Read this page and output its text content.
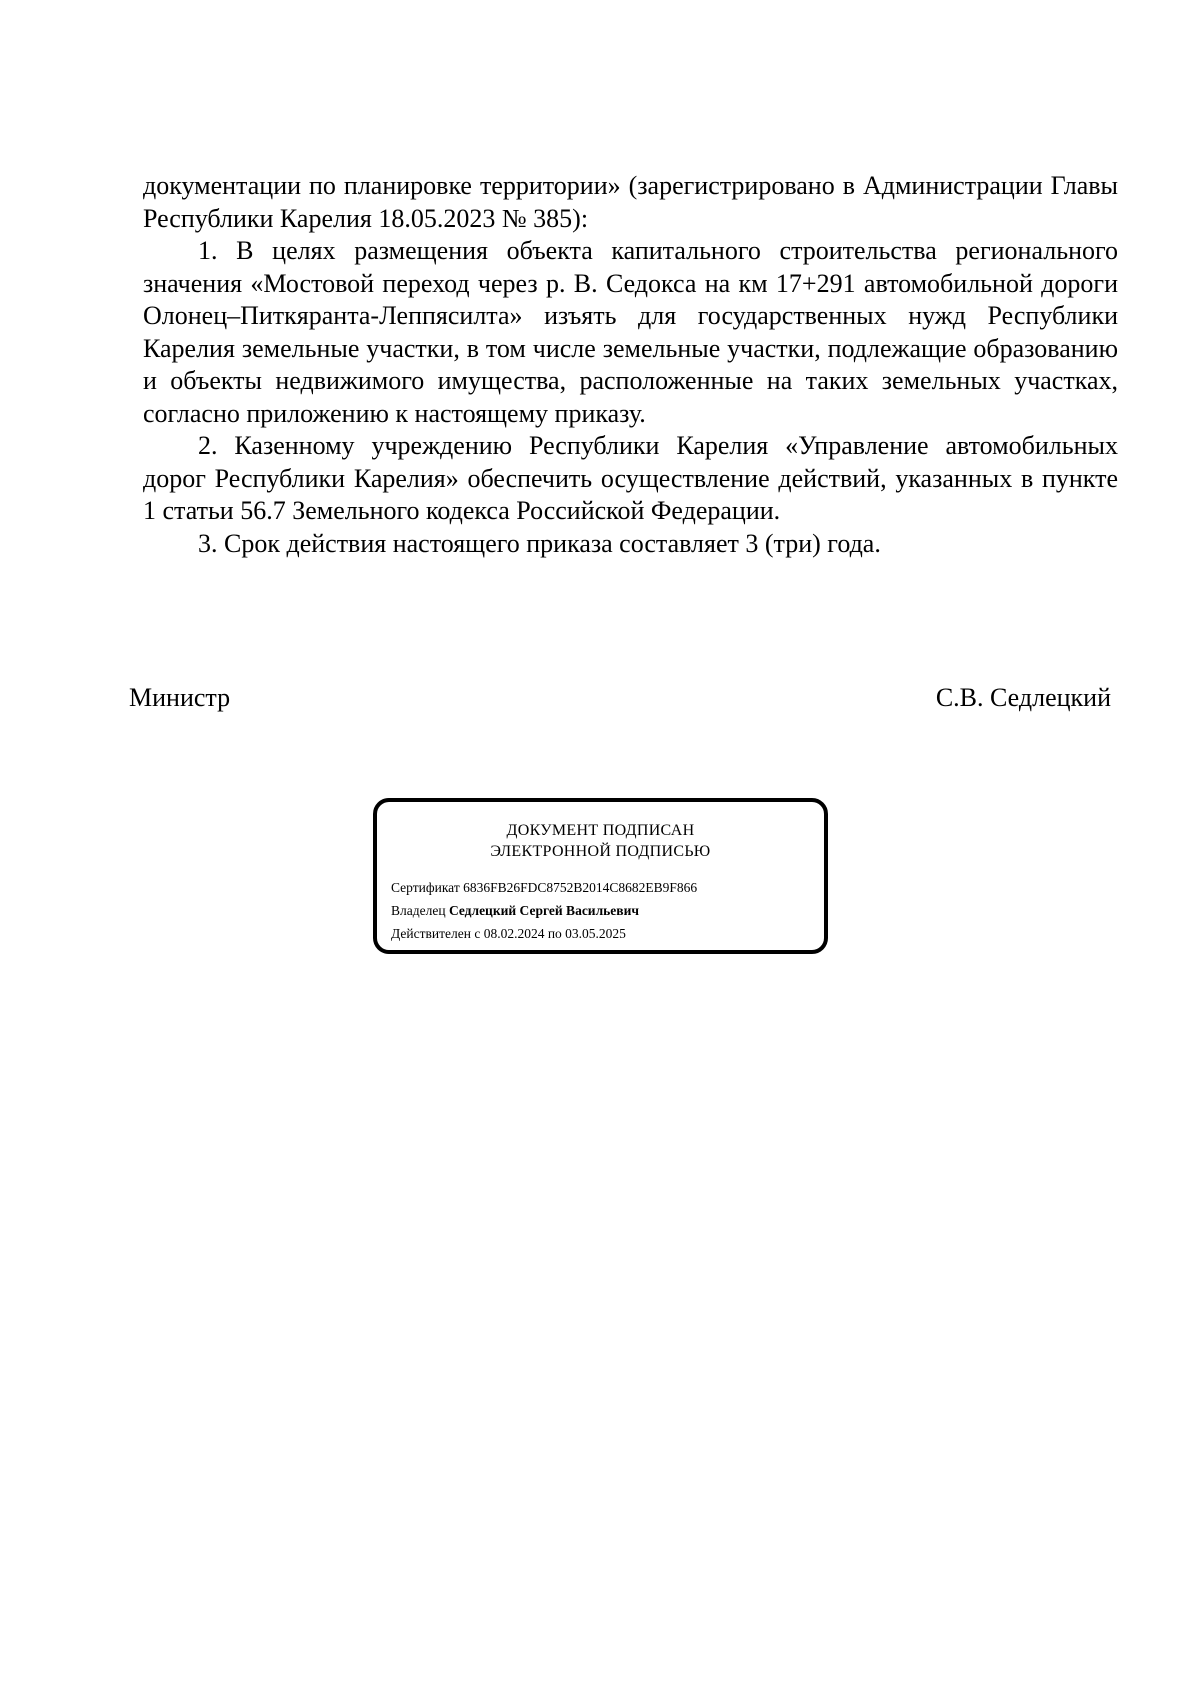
документации по планировке территории» (зарегистрировано в Администрации Главы Республики Карелия 18.05.2023 № 385):

1. В целях размещения объекта капитального строительства регионального значения «Мостовой переход через р. В. Седокса на км 17+291 автомобильной дороги Олонец–Питкяранта-Леппясилта» изъять для государственных нужд Республики Карелия земельные участки, в том числе земельные участки, подлежащие образованию и объекты недвижимого имущества, расположенные на таких земельных участках, согласно приложению к настоящему приказу.

2. Казенному учреждению Республики Карелия «Управление автомобильных дорог Республики Карелия» обеспечить осуществление действий, указанных в пункте 1 статьи 56.7 Земельного кодекса Российской Федерации.

3. Срок действия настоящего приказа составляет 3 (три) года.

Министр	С.В. Седлецкий
ДОКУМЕНТ ПОДПИСАН
ЭЛЕКТРОННОЙ ПОДПИСЬЮ
Сертификат 6836FB26FDC8752B2014C8682EB9F866
Владелец Седлецкий Сергей Васильевич
Действителен с 08.02.2024 по 03.05.2025
